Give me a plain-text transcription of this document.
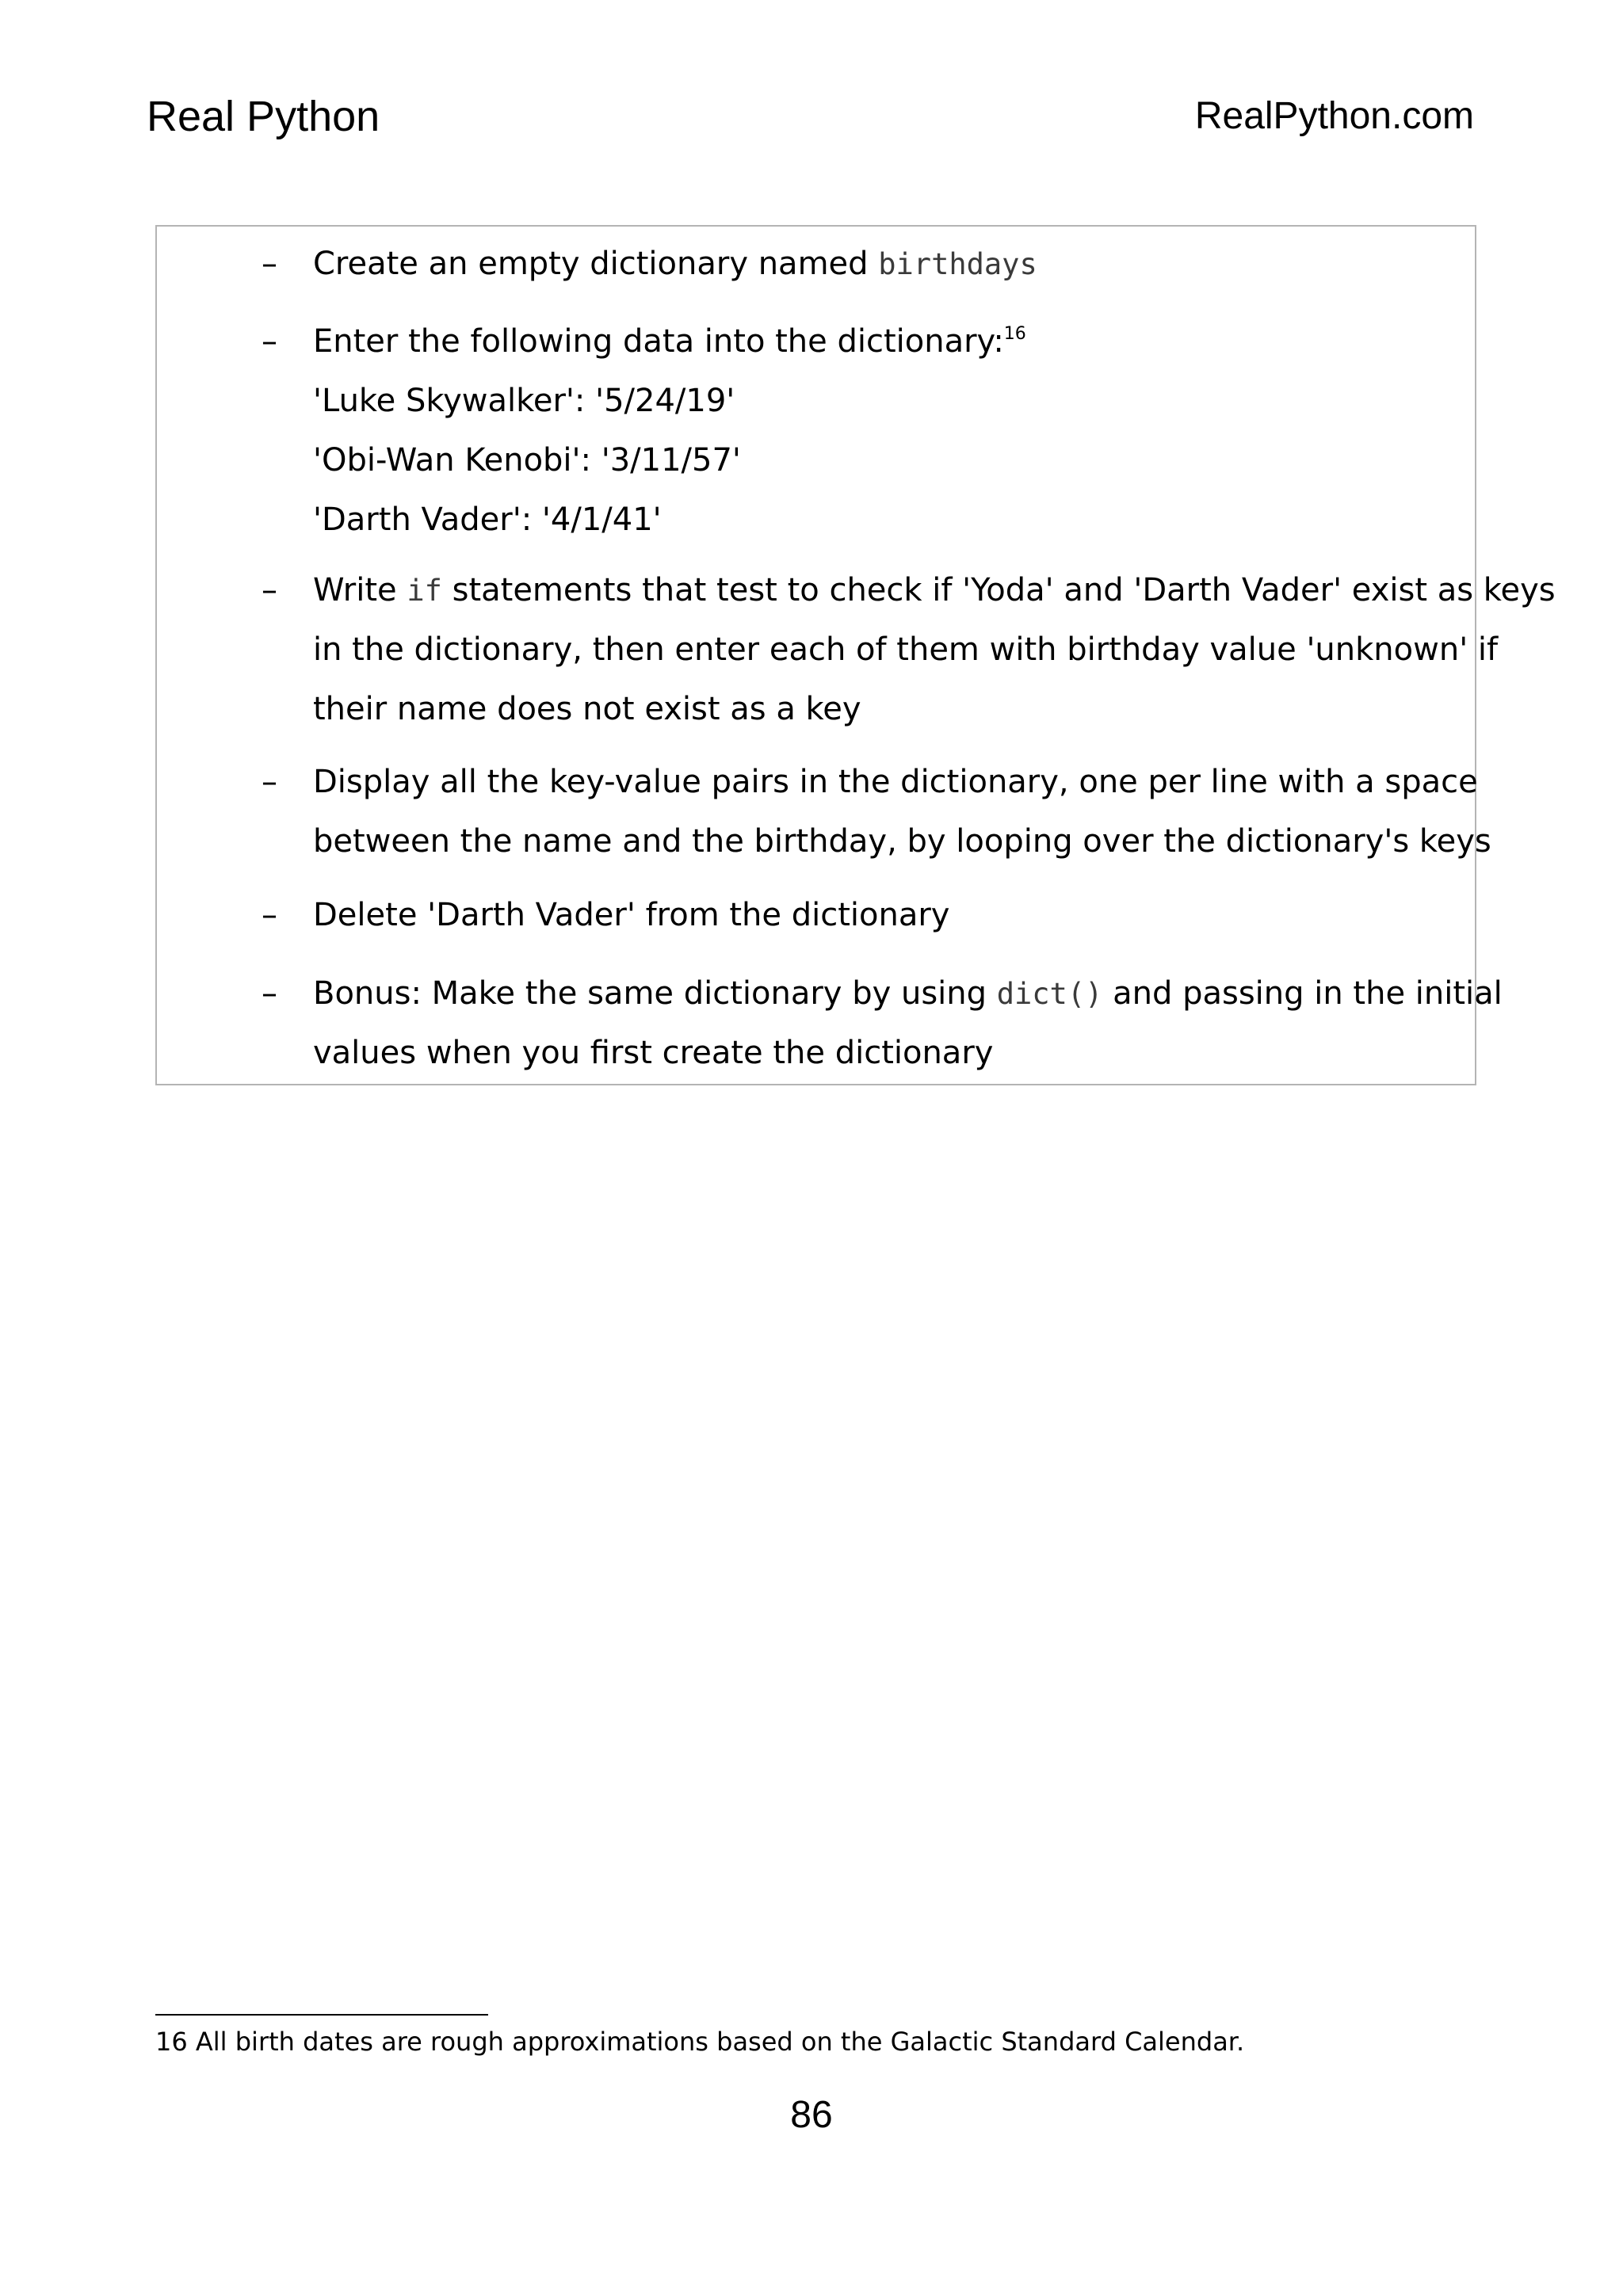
Real Python	RealPython.com
– Create an empty dictionary named birthdays
– Enter the following data into the dictionary:$^{16}$
'Luke Skywalker': '5/24/19'
'Obi-Wan Kenobi': '3/11/57'
'Darth Vader': '4/1/41'
– Write if statements that test to check if 'Yoda' and 'Darth Vader' exist as keys
in the dictionary, then enter each of them with birthday value 'unknown' if
their name does not exist as a key
– Display all the key-value pairs in the dictionary, one per line with a space
between the name and the birthday, by looping over the dictionary's keys
– Delete 'Darth Vader' from the dictionary
– Bonus: Make the same dictionary by using dict() and passing in the initial
values when you first create the dictionary
16 All birth dates are rough approximations based on the Galactic Standard Calendar.
86
